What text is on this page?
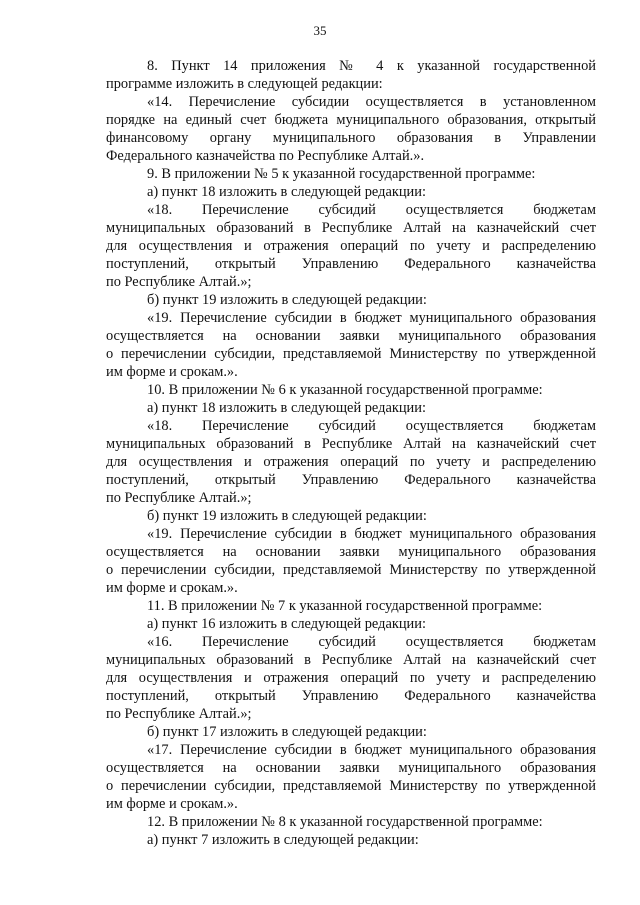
35
8. Пункт 14 приложения № 4 к указанной государственной
программе изложить в следующей редакции:
«14. Перечисление субсидии осуществляется в установленном
порядке на единый счет бюджета муниципального образования, открытый
финансовому органу муниципального образования в Управлении
Федерального казначейства по Республике Алтай.».
9. В приложении № 5 к указанной государственной программе:
а) пункт 18 изложить в следующей редакции:
«18. Перечисление субсидий осуществляется бюджетам
муниципальных образований в Республике Алтай на казначейский счет
для осуществления и отражения операций по учету и распределению
поступлений, открытый Управлению Федерального казначейства
по Республике Алтай.»;
б) пункт 19 изложить в следующей редакции:
«19. Перечисление субсидии в бюджет муниципального образования
осуществляется на основании заявки муниципального образования
о перечислении субсидии, представляемой Министерству по утвержденной
им форме и срокам.».
10. В приложении № 6 к указанной государственной программе:
а) пункт 18 изложить в следующей редакции:
«18. Перечисление субсидий осуществляется бюджетам
муниципальных образований в Республике Алтай на казначейский счет
для осуществления и отражения операций по учету и распределению
поступлений, открытый Управлению Федерального казначейства
по Республике Алтай.»;
б) пункт 19 изложить в следующей редакции:
«19. Перечисление субсидии в бюджет муниципального образования
осуществляется на основании заявки муниципального образования
о перечислении субсидии, представляемой Министерству по утвержденной
им форме и срокам.».
11. В приложении № 7 к указанной государственной программе:
а) пункт 16 изложить в следующей редакции:
«16. Перечисление субсидий осуществляется бюджетам
муниципальных образований в Республике Алтай на казначейский счет
для осуществления и отражения операций по учету и распределению
поступлений, открытый Управлению Федерального казначейства
по Республике Алтай.»;
б) пункт 17 изложить в следующей редакции:
«17. Перечисление субсидии в бюджет муниципального образования
осуществляется на основании заявки муниципального образования
о перечислении субсидии, представляемой Министерству по утвержденной
им форме и срокам.».
12. В приложении № 8 к указанной государственной программе:
а) пункт 7 изложить в следующей редакции:
